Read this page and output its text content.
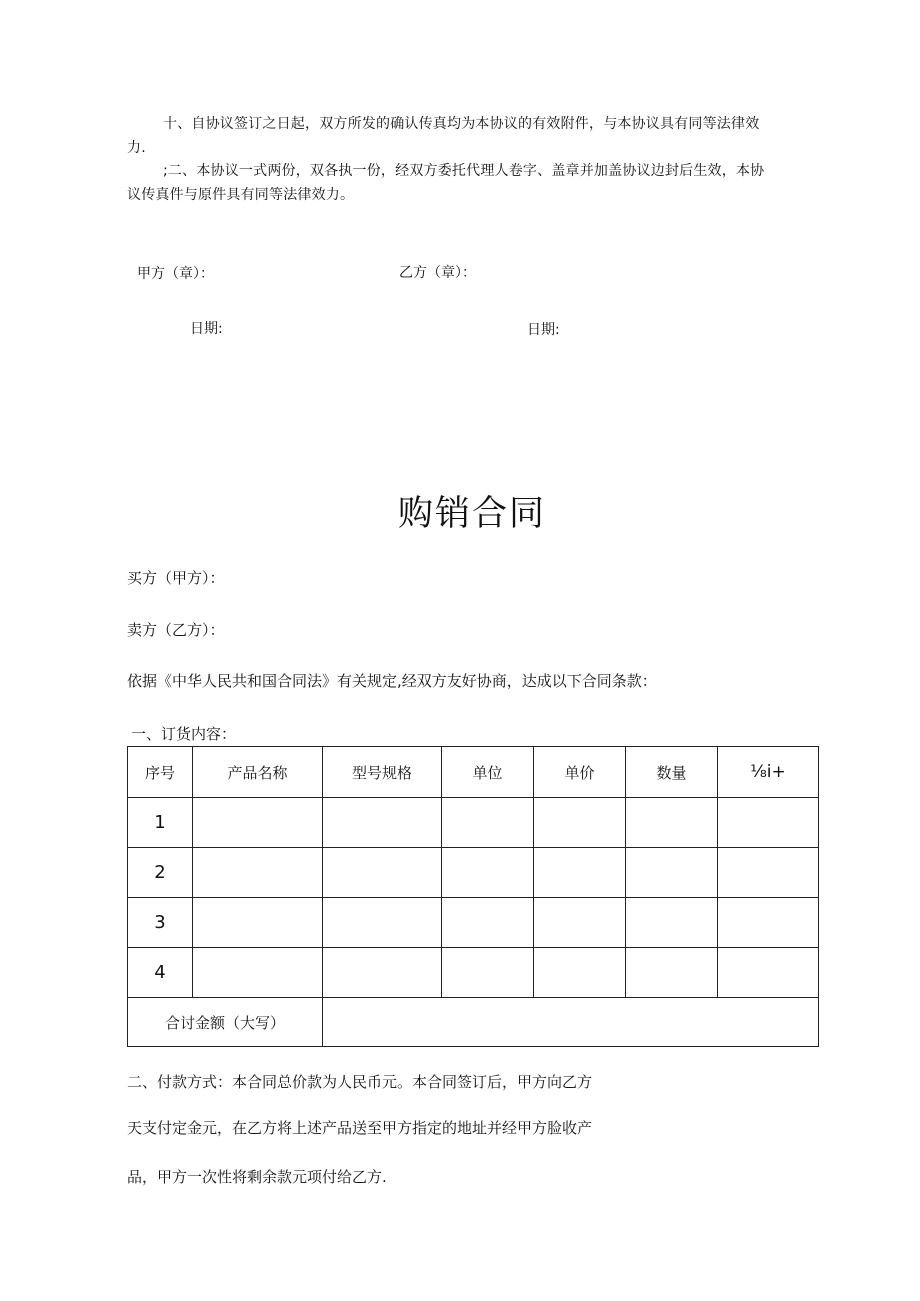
十、自协议签订之日起，双方所发的确认传真均为本协议的有效附件，与本协议具有同等法律效
力.
;二、本协议一式两份，双各执一份，经双方委托代理人卷字、盖章并加盖协议边封后生效，本协
议传真件与原件具有同等法律效力。
甲方（章）：	乙方（章）：
日期:	日期:
购销合同
买方（甲方）：
卖方（乙方）：
依据《中华人民共和国合同法》有关规定,经双方友好协商，达成以下合同条款：
一、订货内容：
序号	产品名称	型号规格	单位	单价	数量	⅛i+
1						
2						
3						
4						
合讨金额（大写）						
二、付款方式：本合同总价款为人民币元。本合同签订后，甲方向乙方
天支付定金元，在乙方将上述产品送至甲方指定的地址并经甲方脸收产
品，甲方一次性将剩余款元项付给乙方.
